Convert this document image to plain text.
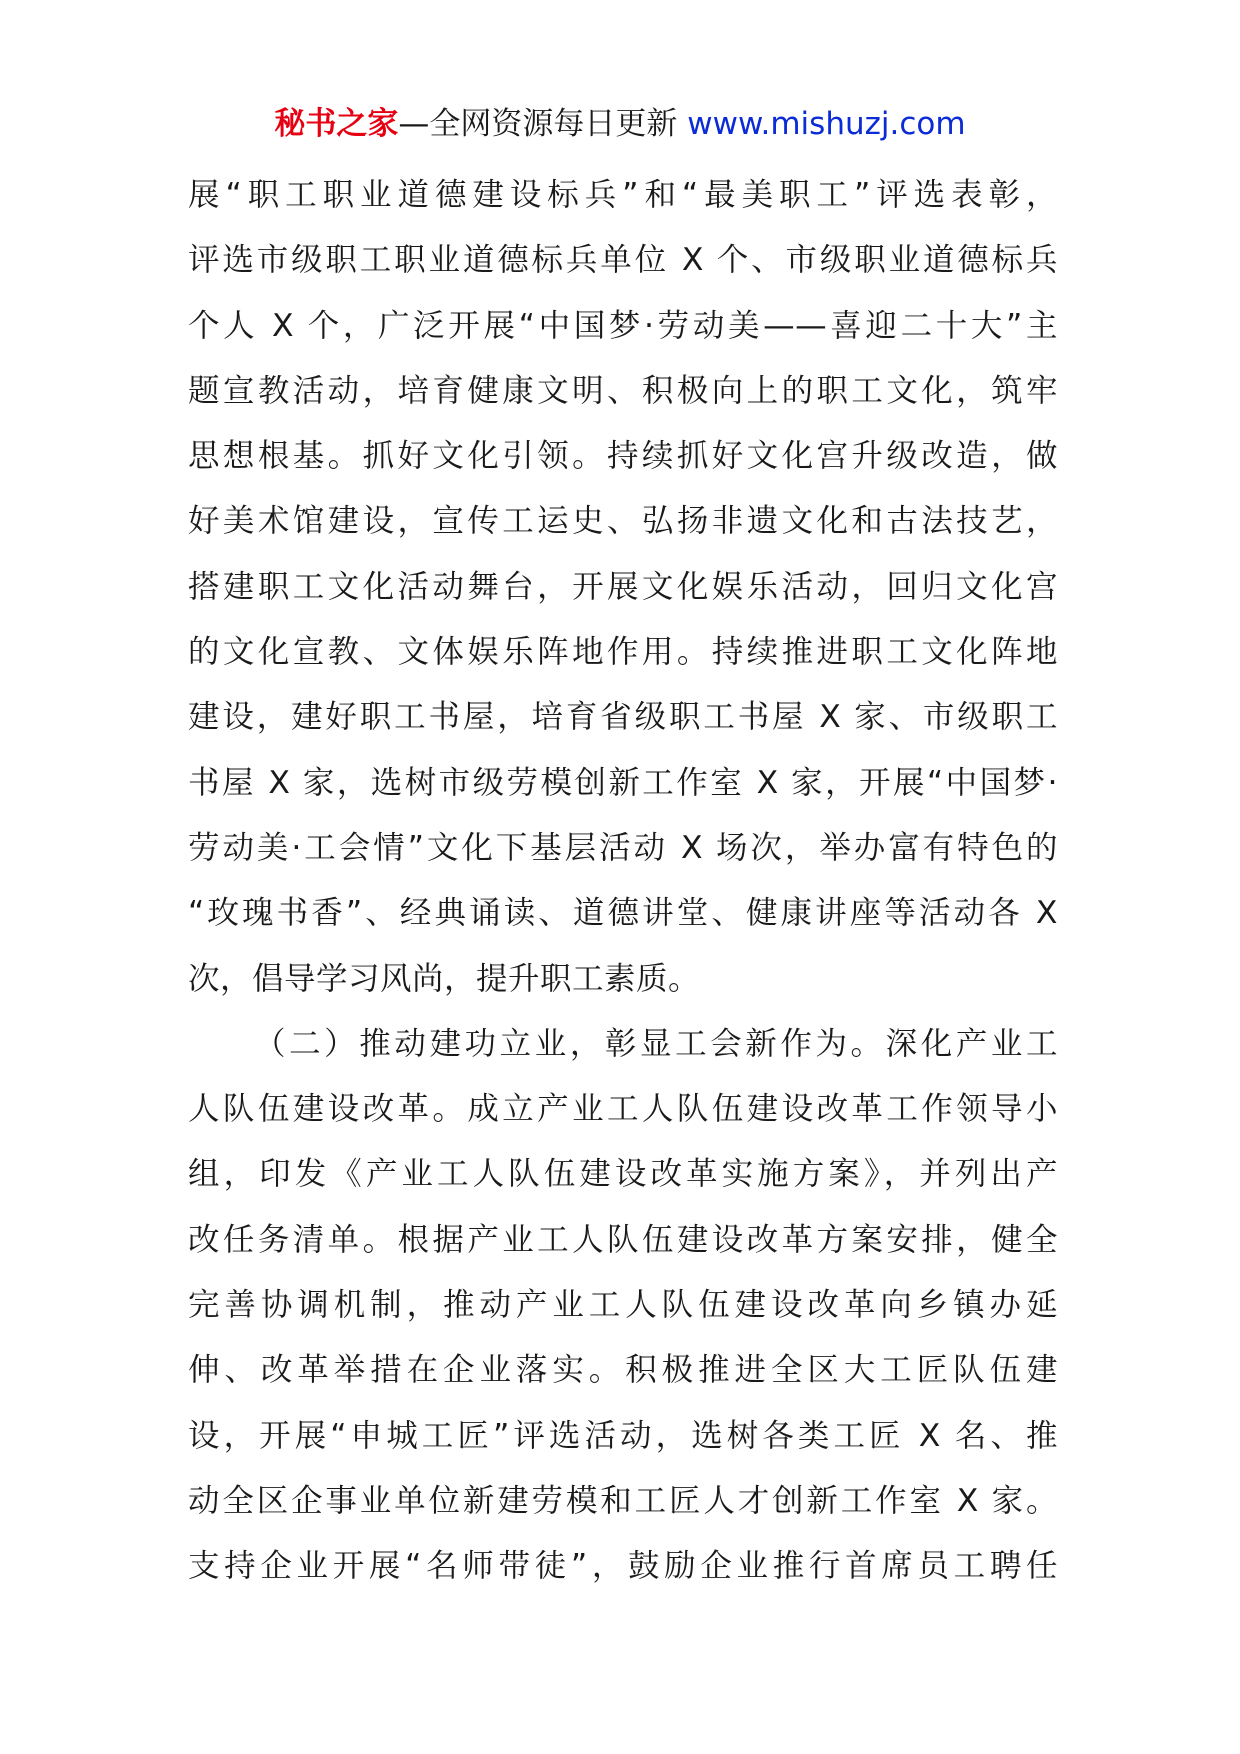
秘书之家—全网资源每日更新 www.mishuzj.com
展“职工职业道德建设标兵”和“最美职工”评选表彰，
评选市级职工职业道德标兵单位 X 个、市级职业道德标兵
个人 X 个，广泛开展“中国梦·劳动美——喜迎二十大”主
题宣教活动，培育健康文明、积极向上的职工文化，筑牢
思想根基。抓好文化引领。持续抓好文化宫升级改造，做
好美术馆建设，宣传工运史、弘扬非遗文化和古法技艺，
搭建职工文化活动舞台，开展文化娱乐活动，回归文化宫
的文化宣教、文体娱乐阵地作用。持续推进职工文化阵地
建设，建好职工书屋，培育省级职工书屋 X 家、市级职工
书屋 X 家，选树市级劳模创新工作室 X 家，开展“中国梦·
劳动美·工会情”文化下基层活动 X 场次，举办富有特色的
“玫瑰书香”、经典诵读、道德讲堂、健康讲座等活动各 X
次，倡导学习风尚，提升职工素质。
（二）推动建功立业，彰显工会新作为。深化产业工
人队伍建设改革。成立产业工人队伍建设改革工作领导小
组，印发《产业工人队伍建设改革实施方案》，并列出产
改任务清单。根据产业工人队伍建设改革方案安排，健全
完善协调机制，推动产业工人队伍建设改革向乡镇办延
伸、改革举措在企业落实。积极推进全区大工匠队伍建
设，开展“申城工匠”评选活动，选树各类工匠 X 名、推
动全区企事业单位新建劳模和工匠人才创新工作室 X 家。
支持企业开展“名师带徒”，鼓励企业推行首席员工聘任
